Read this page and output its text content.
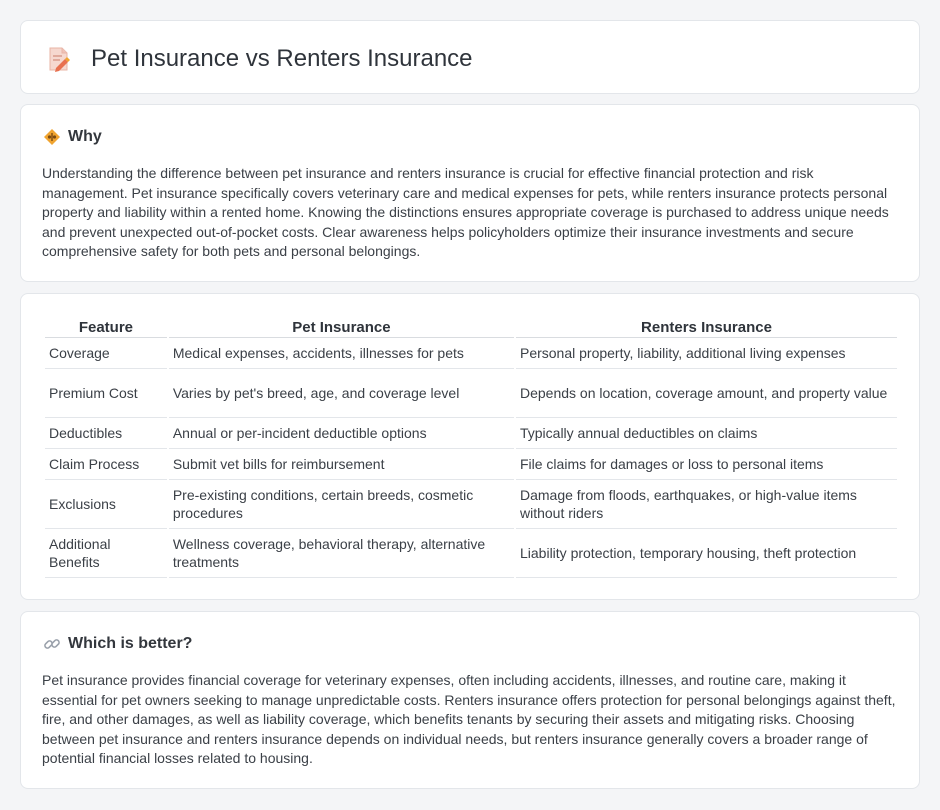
Pet Insurance vs Renters Insurance
Why

Understanding the difference between pet insurance and renters insurance is crucial for effective financial protection and risk management. Pet insurance specifically covers veterinary care and medical expenses for pets, while renters insurance protects personal property and liability within a rented home. Knowing the distinctions ensures appropriate coverage is purchased to address unique needs and prevent unexpected out-of-pocket costs. Clear awareness helps policyholders optimize their insurance investments and secure comprehensive safety for both pets and personal belongings.

Feature	Pet Insurance	Renters Insurance
Coverage	Medical expenses, accidents, illnesses for pets	Personal property, liability, additional living expenses
Premium Cost	Varies by pet's breed, age, and coverage level	Depends on location, coverage amount, and property value
Deductibles	Annual or per-incident deductible options	Typically annual deductibles on claims
Claim Process	Submit vet bills for reimbursement	File claims for damages or loss to personal items
Exclusions	Pre-existing conditions, certain breeds, cosmetic procedures	Damage from floods, earthquakes, or high-value items without riders
Additional Benefits	Wellness coverage, behavioral therapy, alternative treatments	Liability protection, temporary housing, theft protection
Which is better?

Pet insurance provides financial coverage for veterinary expenses, often including accidents, illnesses, and routine care, making it essential for pet owners seeking to manage unpredictable costs. Renters insurance offers protection for personal belongings against theft, fire, and other damages, as well as liability coverage, which benefits tenants by securing their assets and mitigating risks. Choosing between pet insurance and renters insurance depends on individual needs, but renters insurance generally covers a broader range of potential financial losses related to housing.
